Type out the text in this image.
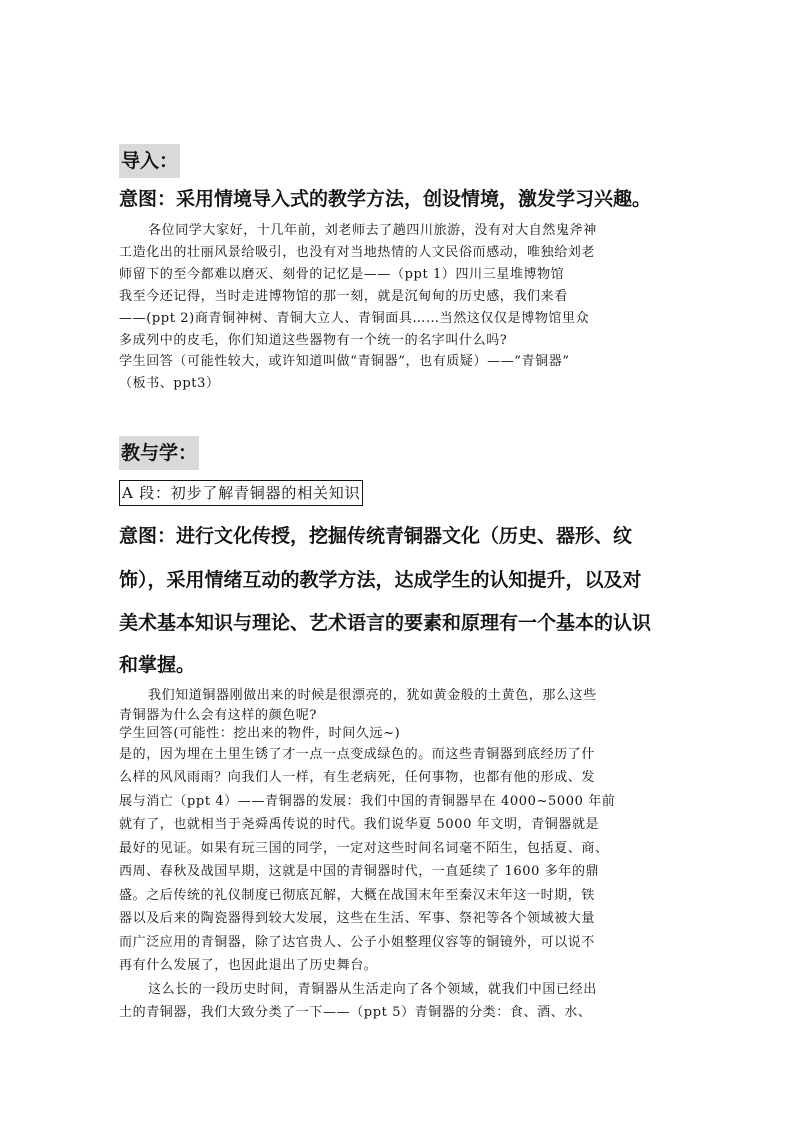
导入：
意图：采用情境导入式的教学方法，创设情境，激发学习兴趣。
各位同学大家好，十几年前，刘老师去了趟四川旅游，没有对大自然鬼斧神
工造化出的壮丽风景给吸引，也没有对当地热情的人文民俗而感动，唯独给刘老
师留下的至今都难以磨灭、刻骨的记忆是——（ppt 1）四川三星堆博物馆
我至今还记得，当时走进博物馆的那一刻，就是沉甸甸的历史感，我们来看
——(ppt 2)商青铜神树、青铜大立人、青铜面具……当然这仅仅是博物馆里众
多成列中的皮毛，你们知道这些器物有一个统一的名字叫什么吗?
学生回答（可能性较大，或许知道叫做“青铜器”，也有质疑）——“青铜器”
（板书、ppt3）
教与学：
A 段：初步了解青铜器的相关知识
意图：进行文化传授，挖掘传统青铜器文化（历史、器形、纹
饰），采用情绪互动的教学方法，达成学生的认知提升，以及对
美术基本知识与理论、艺术语言的要素和原理有一个基本的认识
和掌握。
我们知道铜器刚做出来的时候是很漂亮的，犹如黄金般的土黄色，那么这些
青铜器为什么会有这样的颜色呢?
学生回答(可能性：挖出来的物件，时间久远~)
是的，因为埋在土里生锈了才一点一点变成绿色的。而这些青铜器到底经历了什
么样的风风雨雨？向我们人一样，有生老病死，任何事物，也都有他的形成、发
展与消亡（ppt 4）——青铜器的发展：我们中国的青铜器早在 4000~5000 年前
就有了，也就相当于尧舜禹传说的时代。我们说华夏 5000 年文明，青铜器就是
最好的见证。如果有玩三国的同学，一定对这些时间名词毫不陌生，包括夏、商、
西周、春秋及战国早期，这就是中国的青铜器时代，一直延续了 1600 多年的鼎
盛。之后传统的礼仪制度已彻底瓦解，大概在战国末年至秦汉末年这一时期，铁
器以及后来的陶瓷器得到较大发展，这些在生活、军事、祭祀等各个领域被大量
而广泛应用的青铜器，除了达官贵人、公子小姐整理仪容等的铜镜外，可以说不
再有什么发展了，也因此退出了历史舞台。
这么长的一段历史时间，青铜器从生活走向了各个领域，就我们中国已经出
土的青铜器，我们大致分类了一下——（ppt 5）青铜器的分类：食、酒、水、
